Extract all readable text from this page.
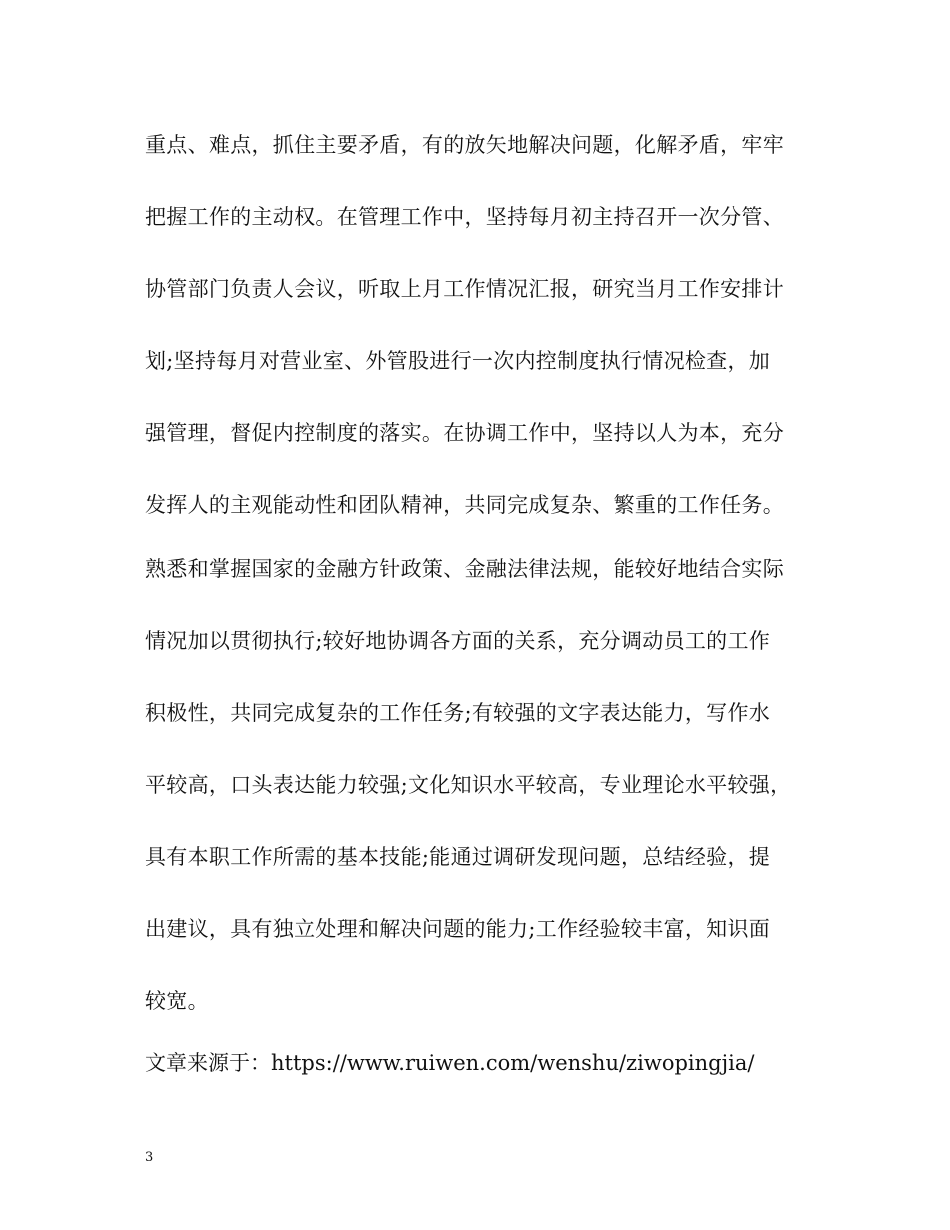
重点、难点，抓住主要矛盾，有的放矢地解决问题，化解矛盾，牢牢
把握工作的主动权。在管理工作中，坚持每月初主持召开一次分管、
协管部门负责人会议，听取上月工作情况汇报，研究当月工作安排计
划;坚持每月对营业室、外管股进行一次内控制度执行情况检查，加
强管理，督促内控制度的落实。在协调工作中，坚持以人为本，充分
发挥人的主观能动性和团队精神，共同完成复杂、繁重的工作任务。
熟悉和掌握国家的金融方针政策、金融法律法规，能较好地结合实际
情况加以贯彻执行;较好地协调各方面的关系，充分调动员工的工作
积极性，共同完成复杂的工作任务;有较强的文字表达能力，写作水
平较高，口头表达能力较强;文化知识水平较高，专业理论水平较强，
具有本职工作所需的基本技能;能通过调研发现问题，总结经验，提
出建议，具有独立处理和解决问题的能力;工作经验较丰富，知识面
较宽。
文章来源于：https://www.ruiwen.com/wenshu/ziwopingjia/
3
